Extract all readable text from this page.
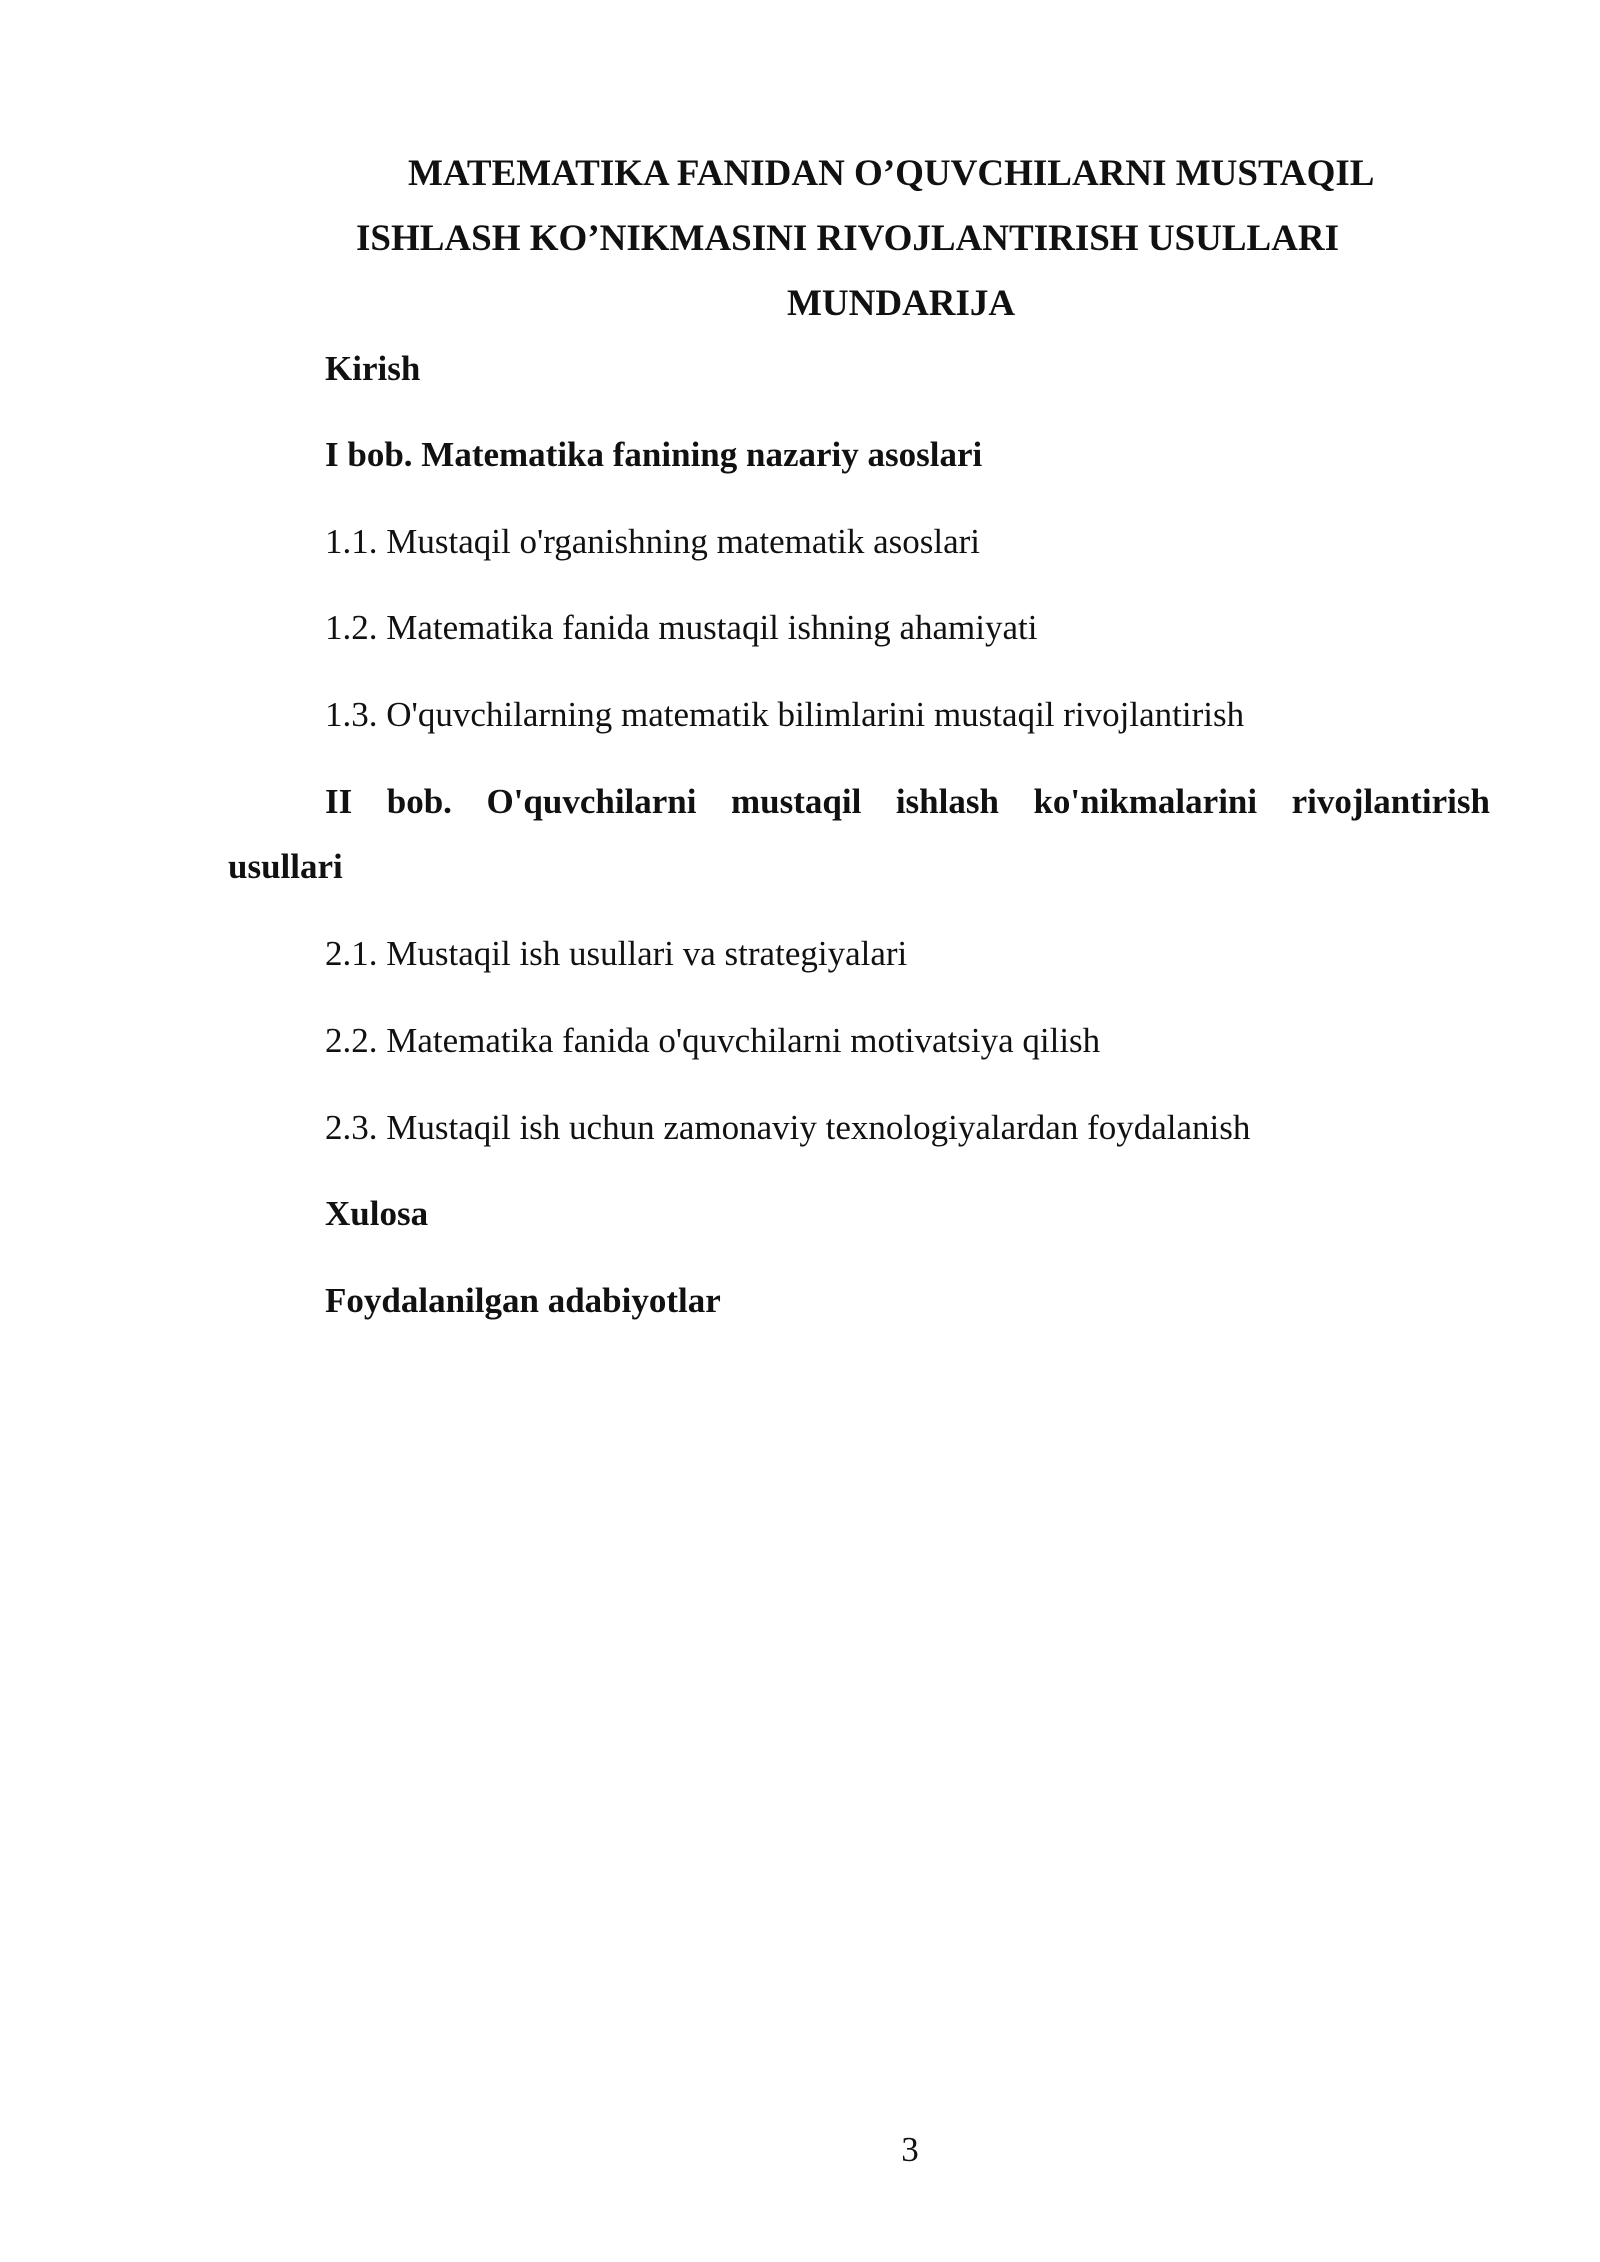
MATEMATIKA FANIDAN O’QUVCHILARNI MUSTAQIL
ISHLASH KO’NIKMASINI RIVOJLANTIRISH USULLARI
MUNDARIJA
Kirish
I bob. Matematika fanining nazariy asoslari
1.1. Mustaqil o'rganishning matematik asoslari
1.2. Matematika fanida mustaqil ishning ahamiyati
1.3. O'quvchilarning matematik bilimlarini mustaqil rivojlantirish
II bob. O'quvchilarni mustaqil ishlash ko'nikmalarini rivojlantirish
usullari
2.1. Mustaqil ish usullari va strategiyalari
2.2. Matematika fanida o'quvchilarni motivatsiya qilish
2.3. Mustaqil ish uchun zamonaviy texnologiyalardan foydalanish
Xulosa
Foydalanilgan adabiyotlar
3
